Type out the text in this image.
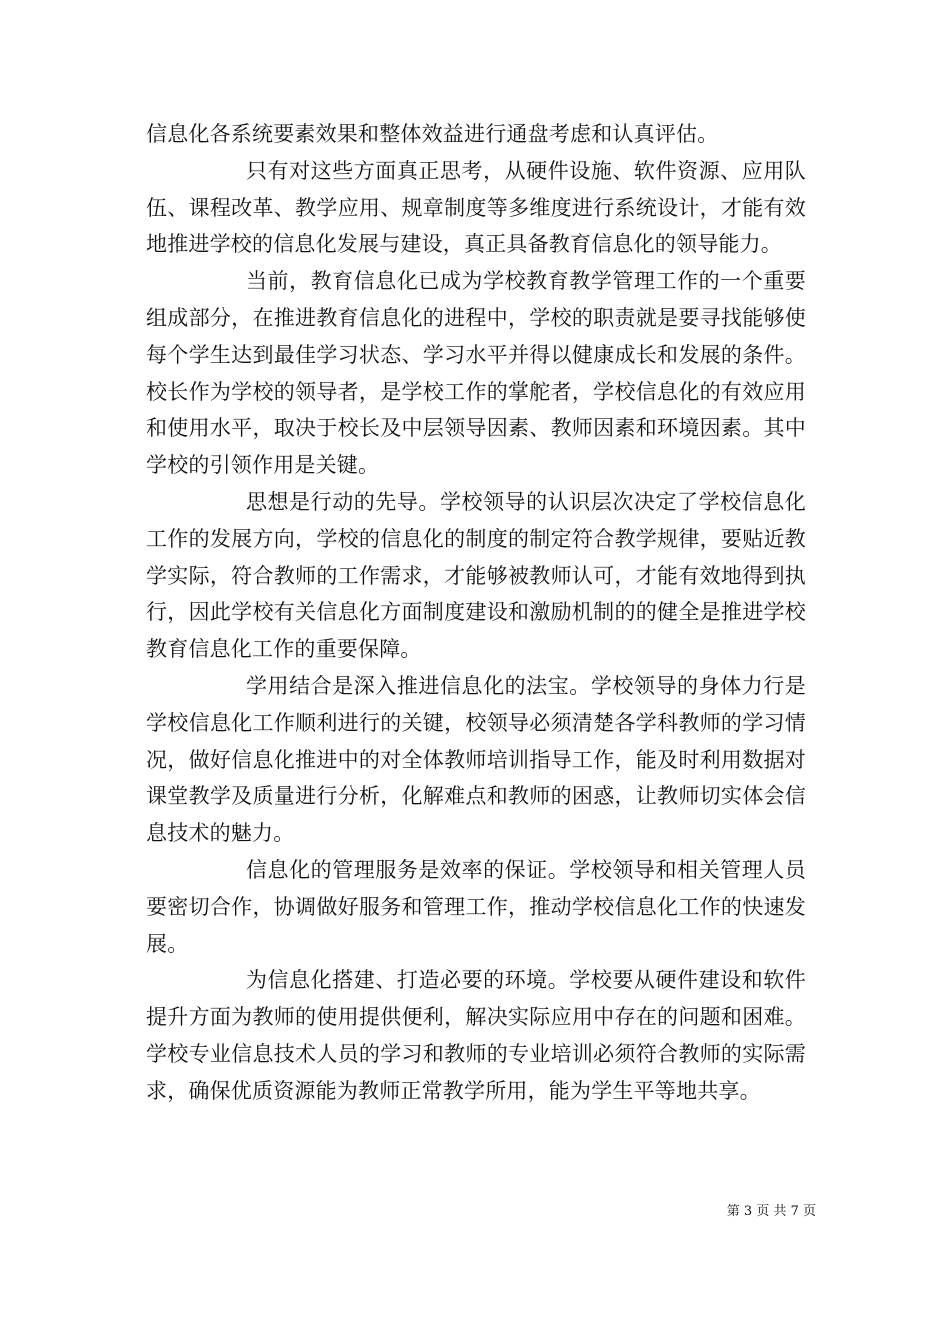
信息化各系统要素效果和整体效益进行通盘考虑和认真评估。

只有对这些方面真正思考，从硬件设施、软件资源、应用队伍、课程改革、教学应用、规章制度等多维度进行系统设计，才能有效地推进学校的信息化发展与建设，真正具备教育信息化的领导能力。

当前，教育信息化已成为学校教育教学管理工作的一个重要组成部分，在推进教育信息化的进程中，学校的职责就是要寻找能够使每个学生达到最佳学习状态、学习水平并得以健康成长和发展的条件。校长作为学校的领导者，是学校工作的掌舵者，学校信息化的有效应用和使用水平，取决于校长及中层领导因素、教师因素和环境因素。其中学校的引领作用是关键。

思想是行动的先导。学校领导的认识层次决定了学校信息化工作的发展方向，学校的信息化的制度的制定符合教学规律，要贴近教学实际，符合教师的工作需求，才能够被教师认可，才能有效地得到执行，因此学校有关信息化方面制度建设和激励机制的的健全是推进学校教育信息化工作的重要保障。

学用结合是深入推进信息化的法宝。学校领导的身体力行是学校信息化工作顺利进行的关键，校领导必须清楚各学科教师的学习情况，做好信息化推进中的对全体教师培训指导工作，能及时利用数据对课堂教学及质量进行分析，化解难点和教师的困惑，让教师切实体会信息技术的魅力。

信息化的管理服务是效率的保证。学校领导和相关管理人员要密切合作，协调做好服务和管理工作，推动学校信息化工作的快速发展。

为信息化搭建、打造必要的环境。学校要从硬件建设和软件提升方面为教师的使用提供便利，解决实际应用中存在的问题和困难。学校专业信息技术人员的学习和教师的专业培训必须符合教师的实际需求，确保优质资源能为教师正常教学所用，能为学生平等地共享。

第 3 页 共 7 页
